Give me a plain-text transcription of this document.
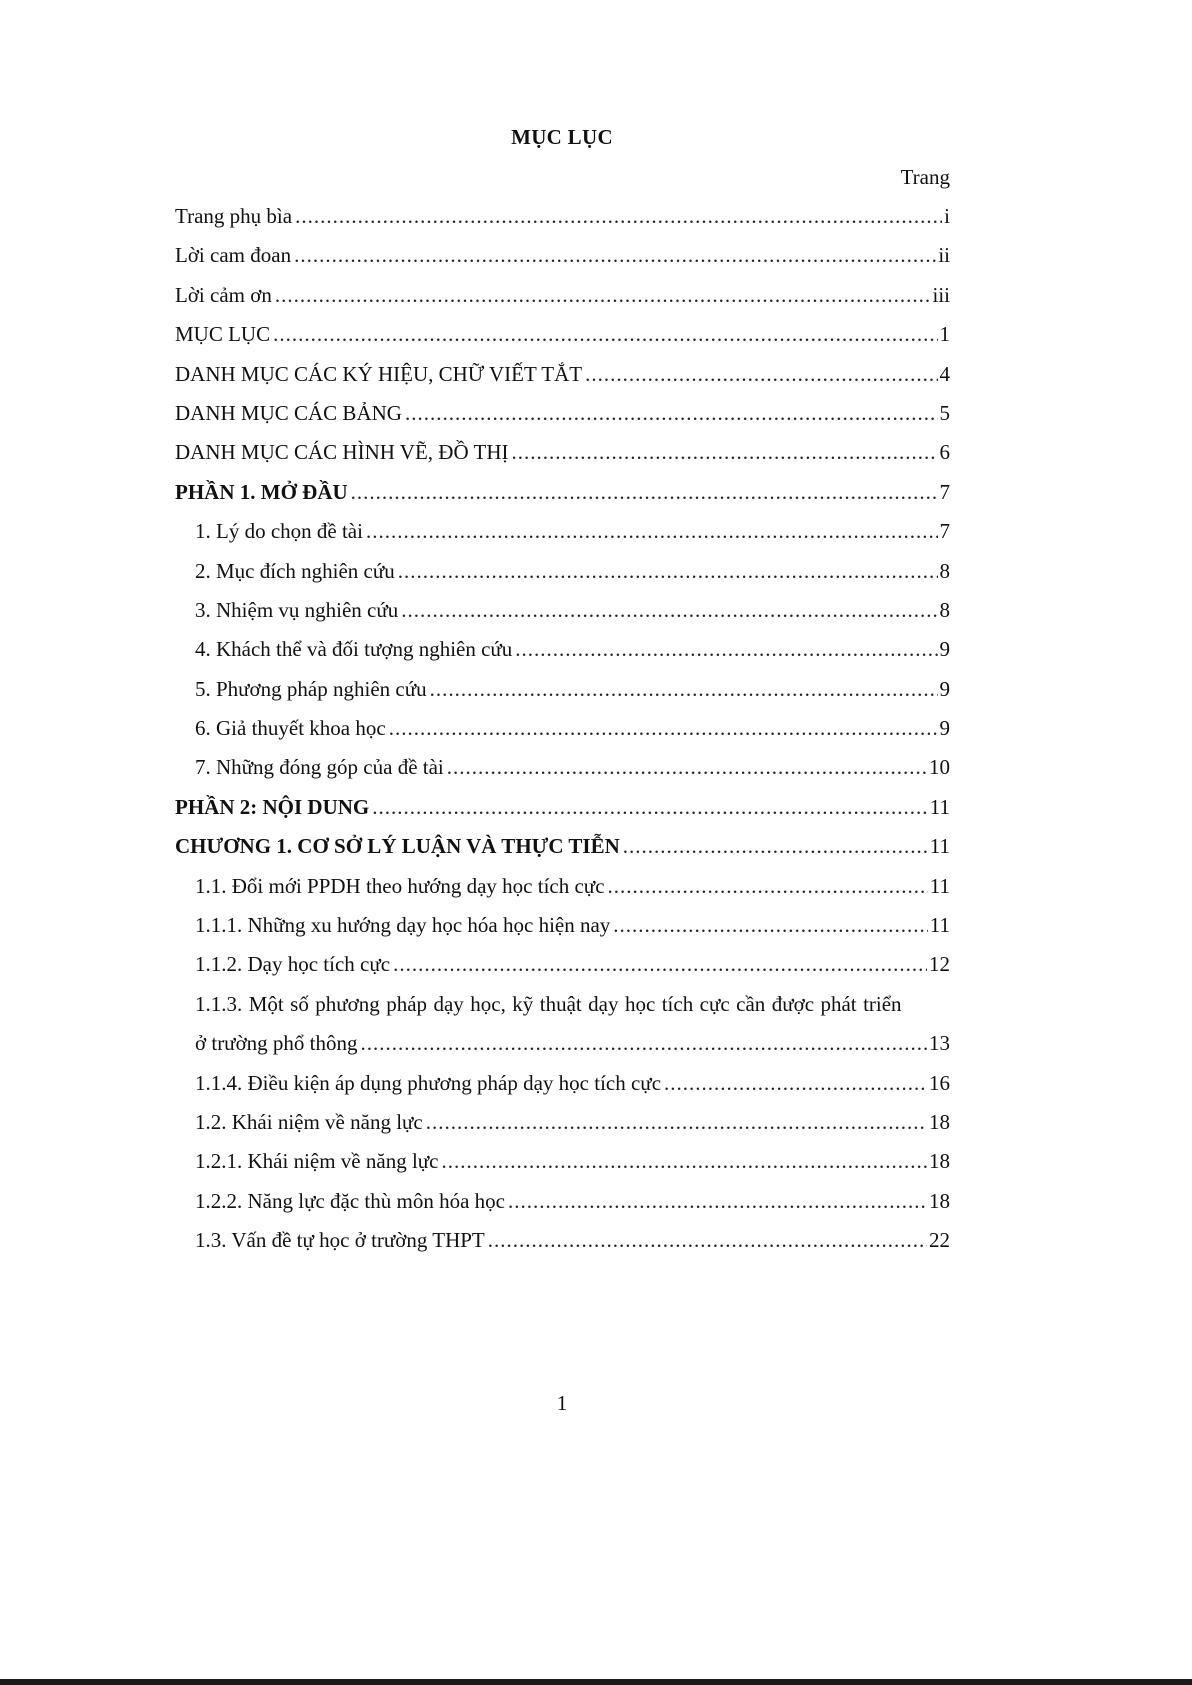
MỤC LỤC
Trang
Trang phụ bìa .....	i
Lời cam đoan .....	ii
Lời cảm ơn .....	iii
MỤC LỤC .....	1
DANH MỤC CÁC KÝ HIỆU, CHỮ VIẾT TẮT .....	4
DANH MỤC CÁC BẢNG .....	5
DANH MỤC CÁC HÌNH VẼ, ĐỒ THỊ .....	6
PHẦN 1. MỞ ĐẦU .....	7
1. Lý do chọn đề tài .....	7
2. Mục đích nghiên cứu .....	8
3. Nhiệm vụ nghiên cứu .....	8
4. Khách thể và đối tượng nghiên cứu .....	9
5. Phương pháp nghiên cứu .....	9
6. Giả thuyết khoa học .....	9
7. Những đóng góp của đề tài .....	10
PHẦN 2: NỘI DUNG .....	11
CHƯƠNG 1. CƠ SỞ LÝ LUẬN VÀ THỰC TIỄN .....	11
1.1. Đổi mới PPDH theo hướng dạy học tích cực .....	11
1.1.1. Những xu hướng dạy học hóa học hiện nay .....	11
1.1.2. Dạy học tích cực .....	12
1.1.3. Một số phương pháp dạy học, kỹ thuật dạy học tích cực cần được phát triển
ở trường phổ thông .....	13
1.1.4. Điều kiện áp dụng phương pháp dạy học tích cực .....	16
1.2. Khái niệm về năng lực .....	18
1.2.1. Khái niệm về năng lực .....	18
1.2.2. Năng lực đặc thù môn hóa học .....	18
1.3. Vấn đề tự học ở trường THPT .....	22
1
